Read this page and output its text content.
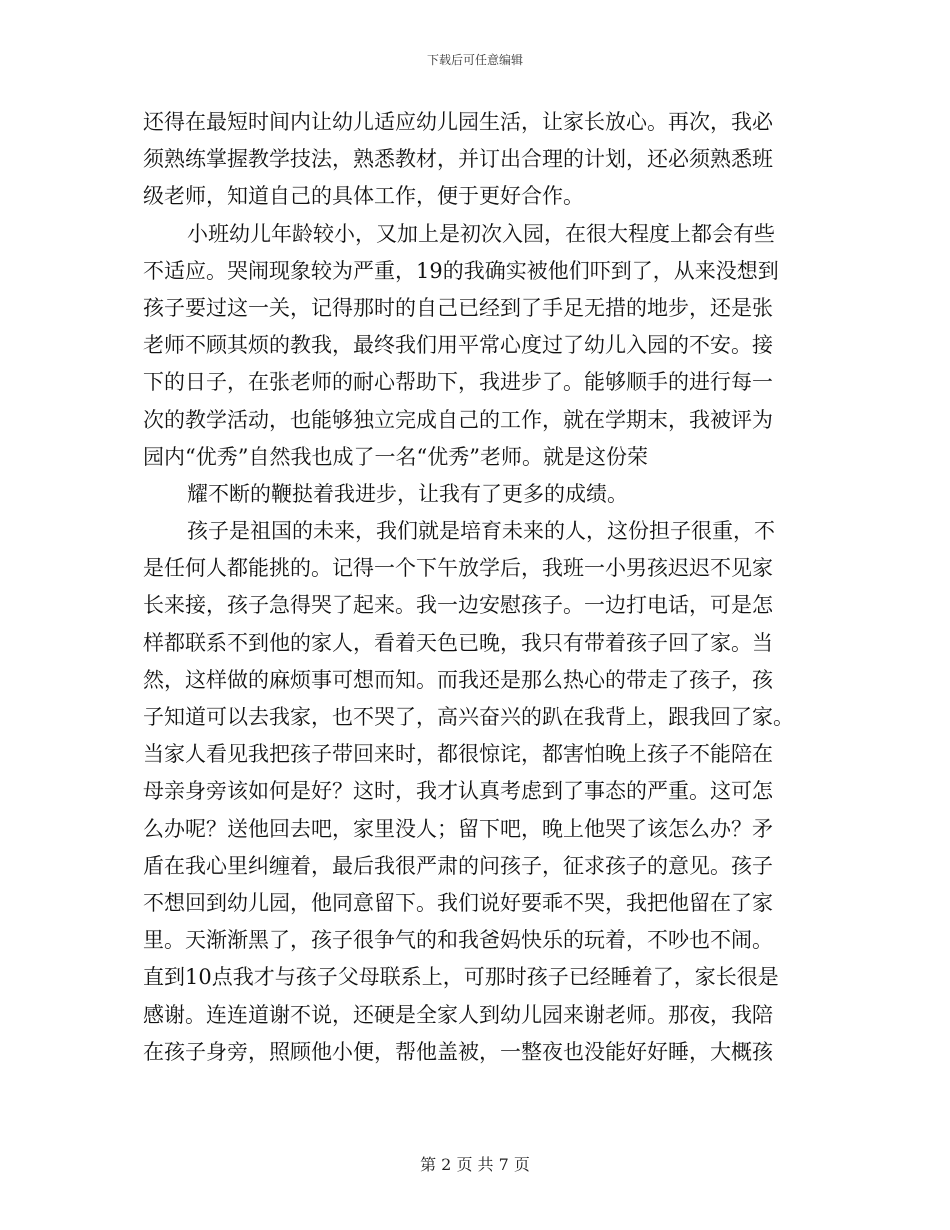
下载后可任意编辑
还得在最短时间内让幼儿适应幼儿园生活，让家长放心。再次，我必
须熟练掌握教学技法，熟悉教材，并订出合理的计划，还必须熟悉班
级老师，知道自己的具体工作，便于更好合作。
小班幼儿年龄较小，又加上是初次入园，在很大程度上都会有些
不适应。哭闹现象较为严重，19的我确实被他们吓到了，从来没想到
孩子要过这一关，记得那时的自己已经到了手足无措的地步，还是张
老师不顾其烦的教我，最终我们用平常心度过了幼儿入园的不安。接
下的日子，在张老师的耐心帮助下，我进步了。能够顺手的进行每一
次的教学活动，也能够独立完成自己的工作，就在学期末，我被评为
园内“优秀”自然我也成了一名“优秀”老师。就是这份荣
耀不断的鞭挞着我进步，让我有了更多的成绩。
孩子是祖国的未来，我们就是培育未来的人，这份担子很重，不
是任何人都能挑的。记得一个下午放学后，我班一小男孩迟迟不见家
长来接，孩子急得哭了起来。我一边安慰孩子。一边打电话，可是怎
样都联系不到他的家人，看着天色已晚，我只有带着孩子回了家。当
然，这样做的麻烦事可想而知。而我还是那么热心的带走了孩子，孩
子知道可以去我家，也不哭了，高兴奋兴的趴在我背上，跟我回了家。
当家人看见我把孩子带回来时，都很惊诧，都害怕晚上孩子不能陪在
母亲身旁该如何是好？这时，我才认真考虑到了事态的严重。这可怎
么办呢？送他回去吧，家里没人；留下吧，晚上他哭了该怎么办？矛
盾在我心里纠缠着，最后我很严肃的问孩子，征求孩子的意见。孩子
不想回到幼儿园，他同意留下。我们说好要乖不哭，我把他留在了家
里。天渐渐黑了，孩子很争气的和我爸妈快乐的玩着，不吵也不闹。
直到10点我才与孩子父母联系上，可那时孩子已经睡着了，家长很是
感谢。连连道谢不说，还硬是全家人到幼儿园来谢老师。那夜，我陪
在孩子身旁，照顾他小便，帮他盖被，一整夜也没能好好睡，大概孩
第 2 页 共 7 页
